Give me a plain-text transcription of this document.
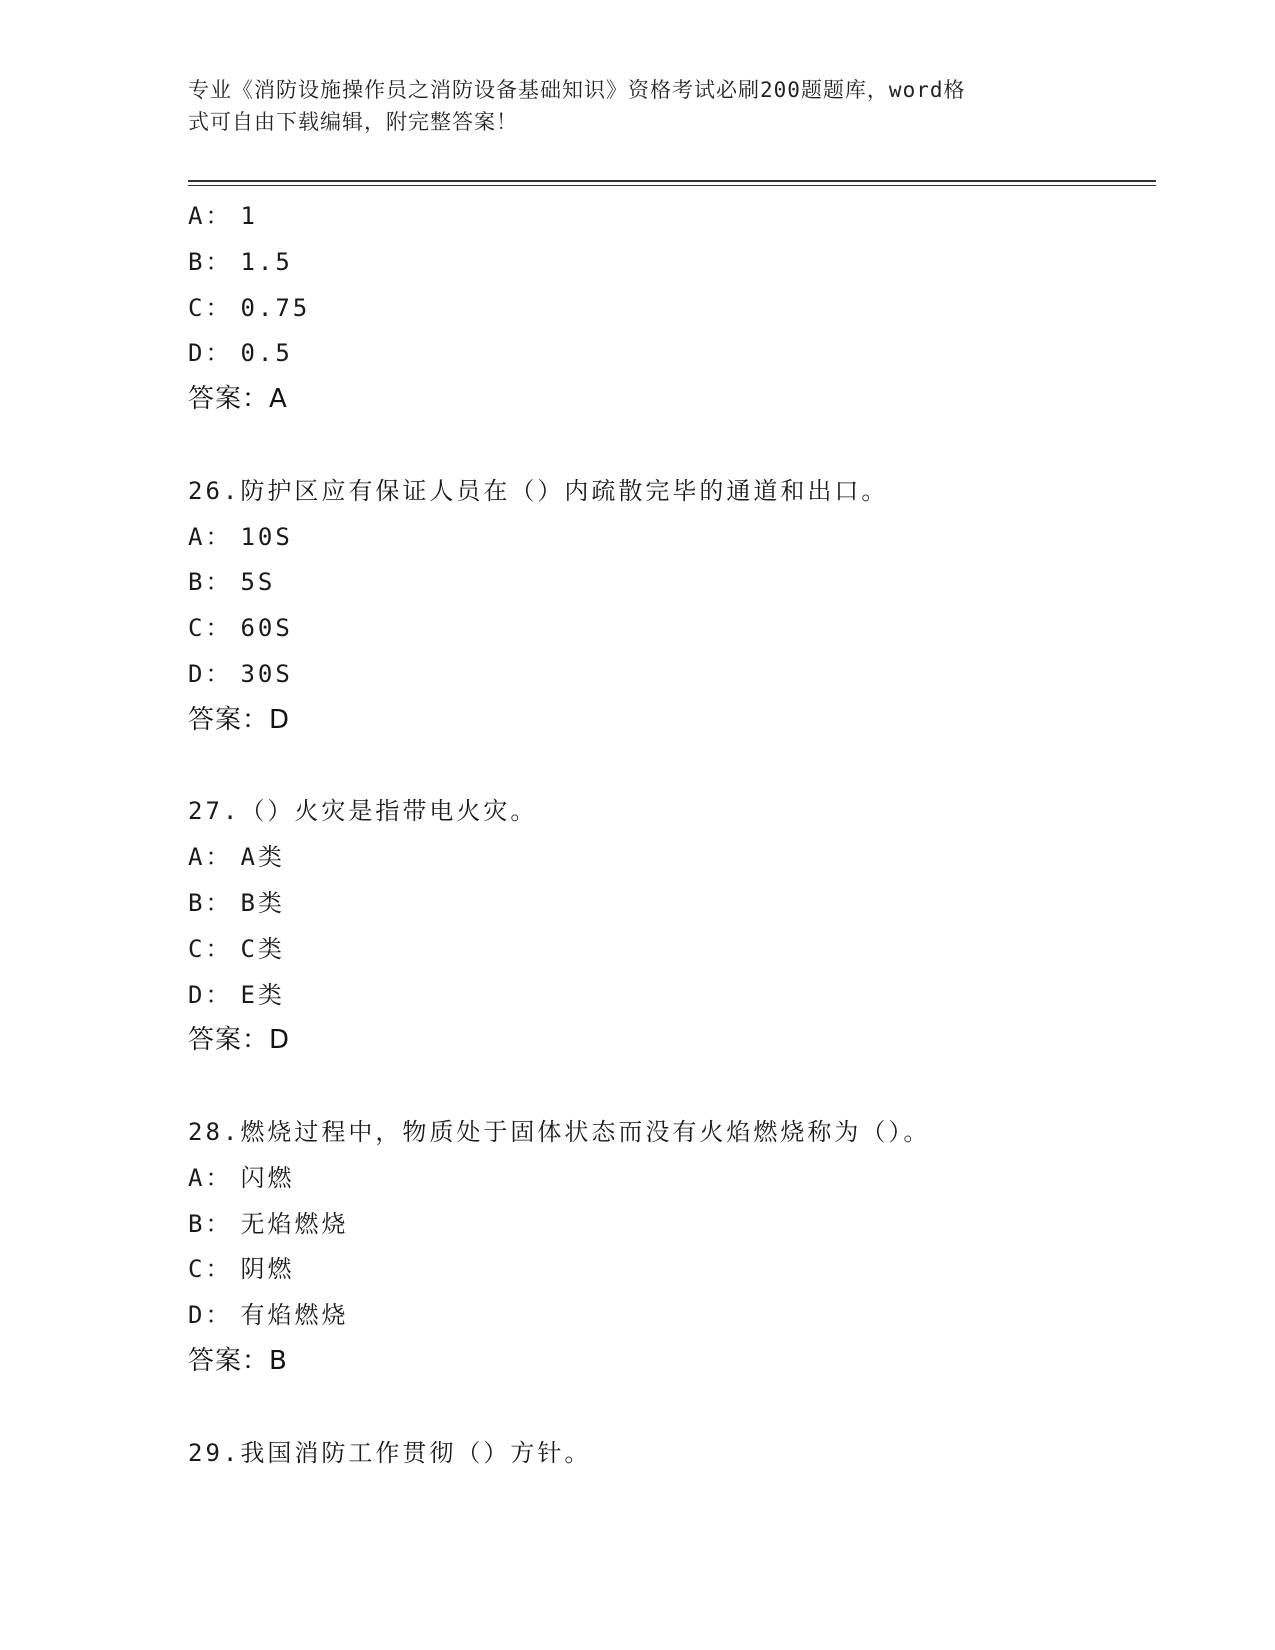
专业《消防设施操作员之消防设备基础知识》资格考试必刷200题题库，word格
式可自由下载编辑，附完整答案！
A： 1
B： 1.5
C： 0.75
D： 0.5
答案：A
26.防护区应有保证人员在（）内疏散完毕的通道和出口。
A： 10S
B： 5S
C： 60S
D： 30S
答案：D
27.（）火灾是指带电火灾。
A： A类
B： B类
C： C类
D： E类
答案：D
28.燃烧过程中，物质处于固体状态而没有火焰燃烧称为（）。
A： 闪燃
B： 无焰燃烧
C： 阴燃
D： 有焰燃烧
答案：B
29.我国消防工作贯彻（）方针。
